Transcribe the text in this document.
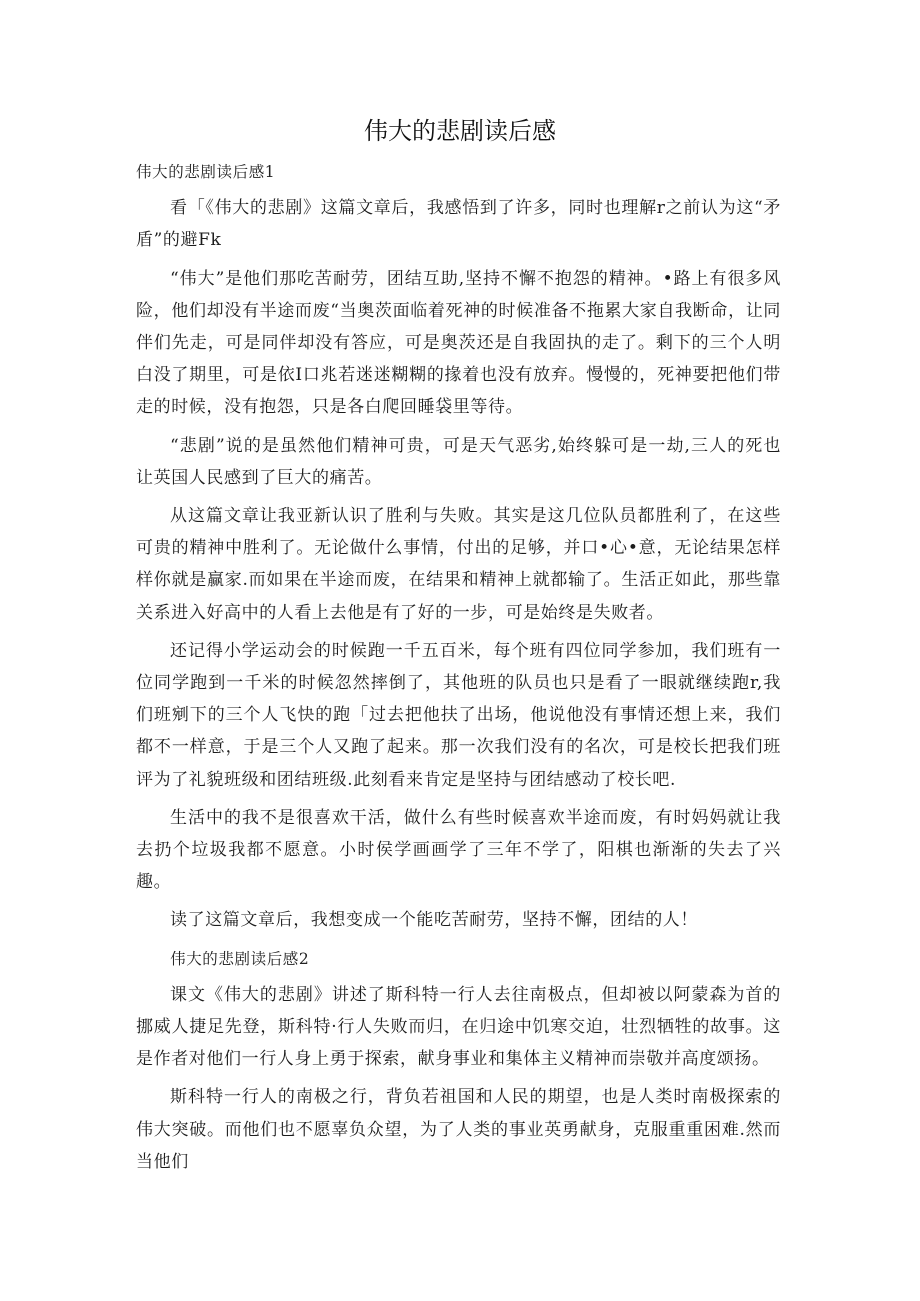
伟大的悲剧读后感

伟大的悲剧读后感1

看「《伟大的悲剧》这篇文章后，我感悟到了许多，同时也理解r之前认为这“矛盾”的避Fk

“伟大”是他们那吃苦耐劳，团结互助,坚持不懈不抱怨的精神。•路上有很多风险，他们却没有半途而废“当奥茨面临着死神的时候准备不拖累大家自我断命，让同伴们先走，可是同伴却没有答应，可是奥茨还是自我固执的走了。剩下的三个人明白没了期里，可是依I口兆若迷迷糊糊的掾着也没有放弃。慢慢的，死神要把他们带走的时候，没有抱怨，只是各白爬回睡袋里等待。

“悲剧”说的是虽然他们精神可贵，可是天气恶劣,始终躲可是一劫,三人的死也让英国人民感到了巨大的痛苦。

从这篇文章让我亚新认识了胜利与失败。其实是这几位队员都胜利了，在这些可贵的精神中胜利了。无论做什么事情，付出的足够，并口•心•意，无论结果怎样样你就是赢家.而如果在半途而废，在结果和精神上就都输了。生活正如此，那些靠关系进入好高中的人看上去他是有了好的一步，可是始终是失败者。

还记得小学运动会的时候跑一千五百米，每个班有四位同学参加，我们班有一位同学跑到一千米的时候忽然摔倒了，其他班的队员也只是看了一眼就继续跑r,我们班剜下的三个人飞快的跑「过去把他扶了出场，他说他没有事情还想上来，我们都不一样意，于是三个人又跑了起来。那一次我们没有的名次，可是校长把我们班评为了礼貌班级和团结班级.此刻看来肯定是坚持与团结感动了校长吧.

生活中的我不是很喜欢干活，做什么有些时候喜欢半途而废，有时妈妈就让我去扔个垃圾我都不愿意。小时侯学画画学了三年不学了，阳棋也渐渐的失去了兴趣。

读了这篇文章后，我想变成一个能吃苦耐劳，坚持不懈，团结的人！

伟大的悲剧读后感2

课文《伟大的悲剧》讲述了斯科特一行人去往南极点，但却被以阿蒙森为首的挪威人捷足先登，斯科特·行人失败而归，在归途中饥寒交迫，壮烈牺牲的故事。这是作者对他们一行人身上勇于探索，献身事业和集体主义精神而崇敬并高度颂扬。

斯科特一行人的南极之行，背负若祖国和人民的期望，也是人类时南极探索的伟大突破。而他们也不愿辜负众望，为了人类的事业英勇献身，克服重重困难.然而当他们
